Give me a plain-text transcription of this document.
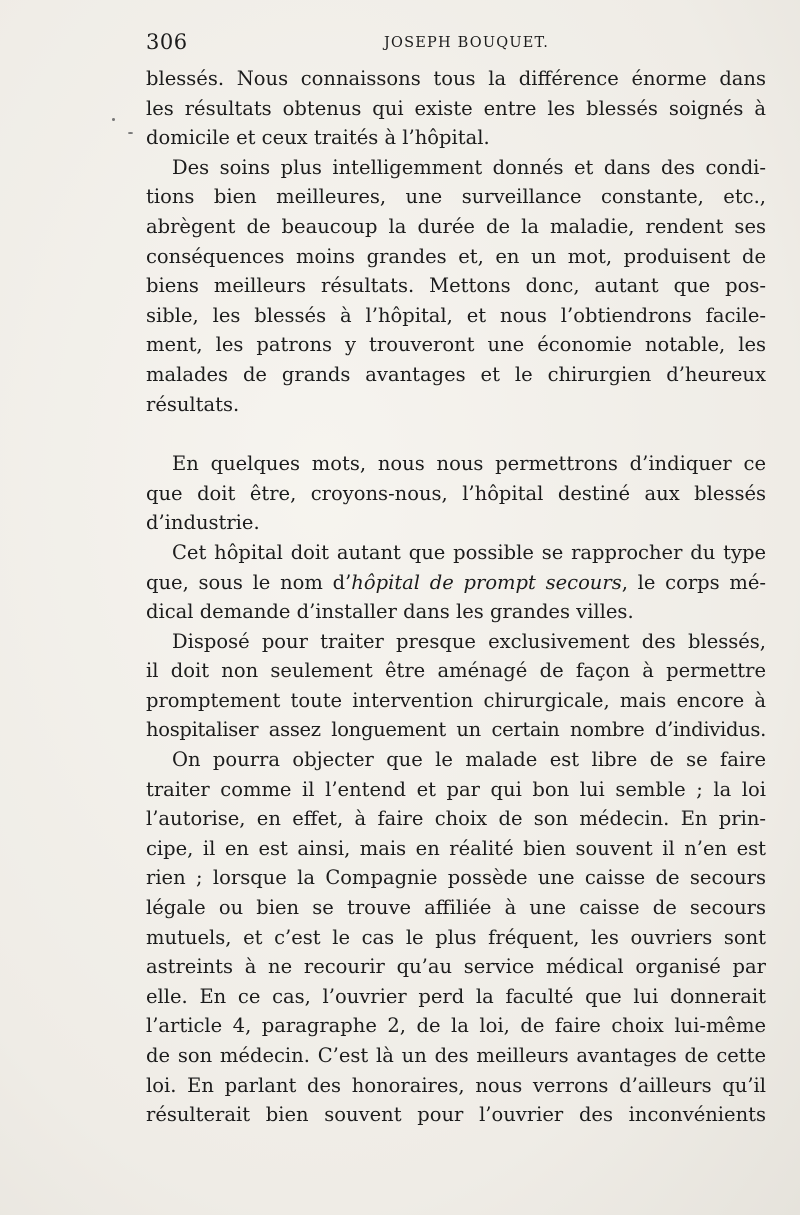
306	JOSEPH BOUQUET.
blessés. Nous connaissons tous la différence énorme dans
les résultats obtenus qui existe entre les blessés soignés à
domicile et ceux traités à l’hôpital.
Des soins plus intelligemment donnés et dans des condi-
tions bien meilleures, une surveillance constante, etc.,
abrègent de beaucoup la durée de la maladie, rendent ses
conséquences moins grandes et, en un mot, produisent de
biens meilleurs résultats. Mettons donc, autant que pos-
sible, les blessés à l’hôpital, et nous l’obtiendrons facile-
ment, les patrons y trouveront une économie notable, les
malades de grands avantages et le chirurgien d’heureux
résultats.
En quelques mots, nous nous permettrons d’indiquer ce
que doit être, croyons-nous, l’hôpital destiné aux blessés
d’industrie.
Cet hôpital doit autant que possible se rapprocher du type
que, sous le nom d’hôpital de prompt secours, le corps mé-
dical demande d’installer dans les grandes villes.
Disposé pour traiter presque exclusivement des blessés,
il doit non seulement être aménagé de façon à permettre
promptement toute intervention chirurgicale, mais encore à
hospitaliser assez longuement un certain nombre d’individus.
On pourra objecter que le malade est libre de se faire
traiter comme il l’entend et par qui bon lui semble ; la loi
l’autorise, en effet, à faire choix de son médecin. En prin-
cipe, il en est ainsi, mais en réalité bien souvent il n’en est
rien ; lorsque la Compagnie possède une caisse de secours
légale ou bien se trouve affiliée à une caisse de secours
mutuels, et c’est le cas le plus fréquent, les ouvriers sont
astreints à ne recourir qu’au service médical organisé par
elle. En ce cas, l’ouvrier perd la faculté que lui donnerait
l’article 4, paragraphe 2, de la loi, de faire choix lui-même
de son médecin. C’est là un des meilleurs avantages de cette
loi. En parlant des honoraires, nous verrons d’ailleurs qu’il
résulterait bien souvent pour l’ouvrier des inconvénients
